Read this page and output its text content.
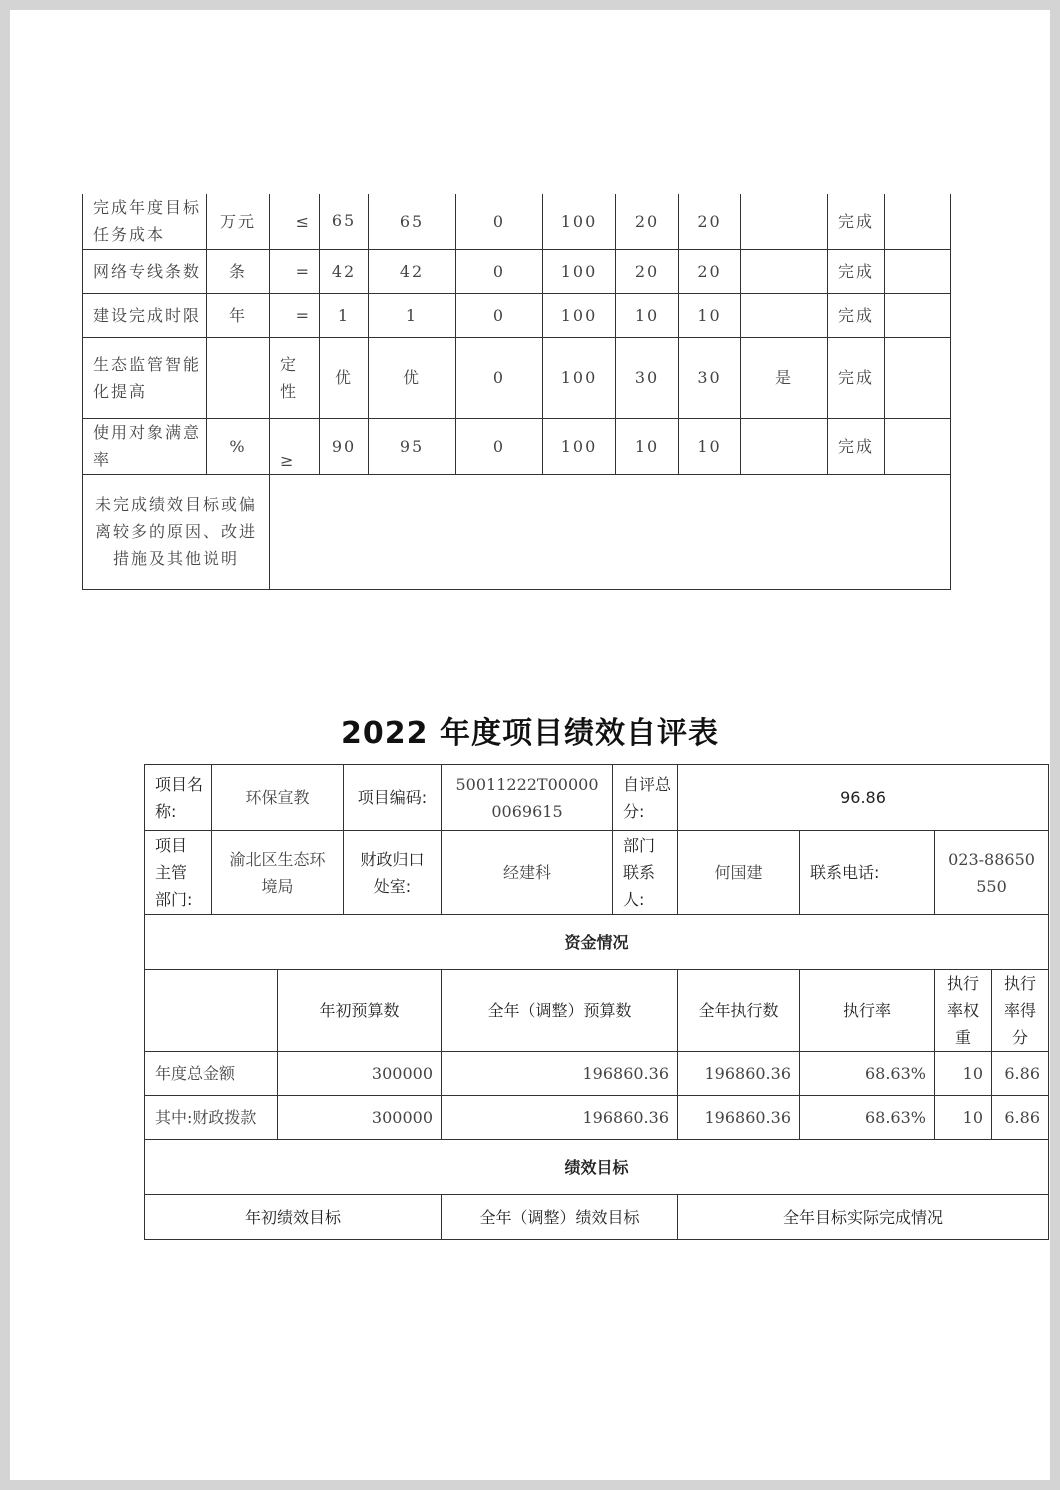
完成年度目标任务成本	万元	≤	65	65	0	100	20	20		完成	
网络专线条数	条	=	42	42	0	100	20	20		完成	
建设完成时限	年	=	1	1	0	100	10	10		完成	
生态监管智能化提高		定性	优	优	0	100	30	30	是	完成	
使用对象满意率	%	≥	90	95	0	100	10	10		完成	
未完成绩效目标或偏离较多的原因、改进措施及其他说明											
2022 年度项目绩效自评表
项目名称:	环保宣教		项目编码:	50011222T000000069615	自评总分:	96.86			
项目主管部门:	渝北区生态环境局		财政归口处室:	经建科	部门联系人:	何国建	联系电话:	023-88650550	
资金情况									
		年初预算数		全年（调整）预算数		全年执行数	执行率	执行率权重	执行率得分
年度总金额		300000		196860.36		196860.36	68.63%	10	6.86
其中:财政拨款		300000		196860.36		196860.36	68.63%	10	6.86
绩效目标									
年初绩效目标				全年（调整）绩效目标		全年目标实际完成情况			
